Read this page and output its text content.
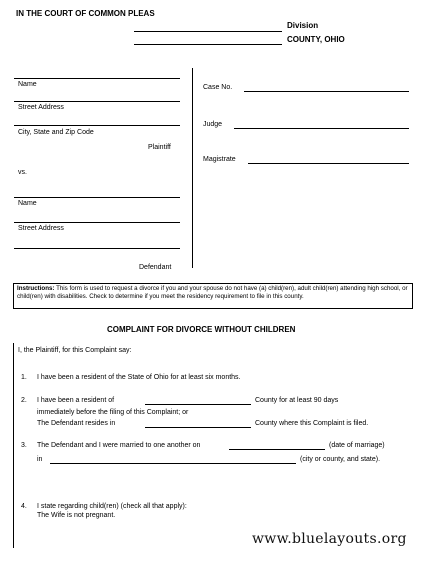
IN THE COURT OF COMMON PLEAS
Division
COUNTY, OHIO
Name
Street Address
City, State and Zip Code
Plaintiff
vs.
Name
Street Address
Defendant
Case No.
Judge
Magistrate
Instructions: This form is used to request a divorce if you and your spouse do not have (a) child(ren), adult child(ren) attending high school, or child(ren) with disabilities. Check to determine if you meet the residency requirement to file in this county.
COMPLAINT FOR DIVORCE WITHOUT CHILDREN
I, the Plaintiff, for this Complaint say:
1. I have been a resident of the State of Ohio for at least six months.
2. I have been a resident of	County for at least 90 days
immediately before the filing of this Complaint; or
The Defendant resides in	County where this Complaint is filed.
3. The Defendant and I were married to one another on	(date of marriage)
in	(city or county, and state).
4. I state regarding child(ren) (check all that apply):
The Wife is not pregnant.
www.bluelayouts.org
